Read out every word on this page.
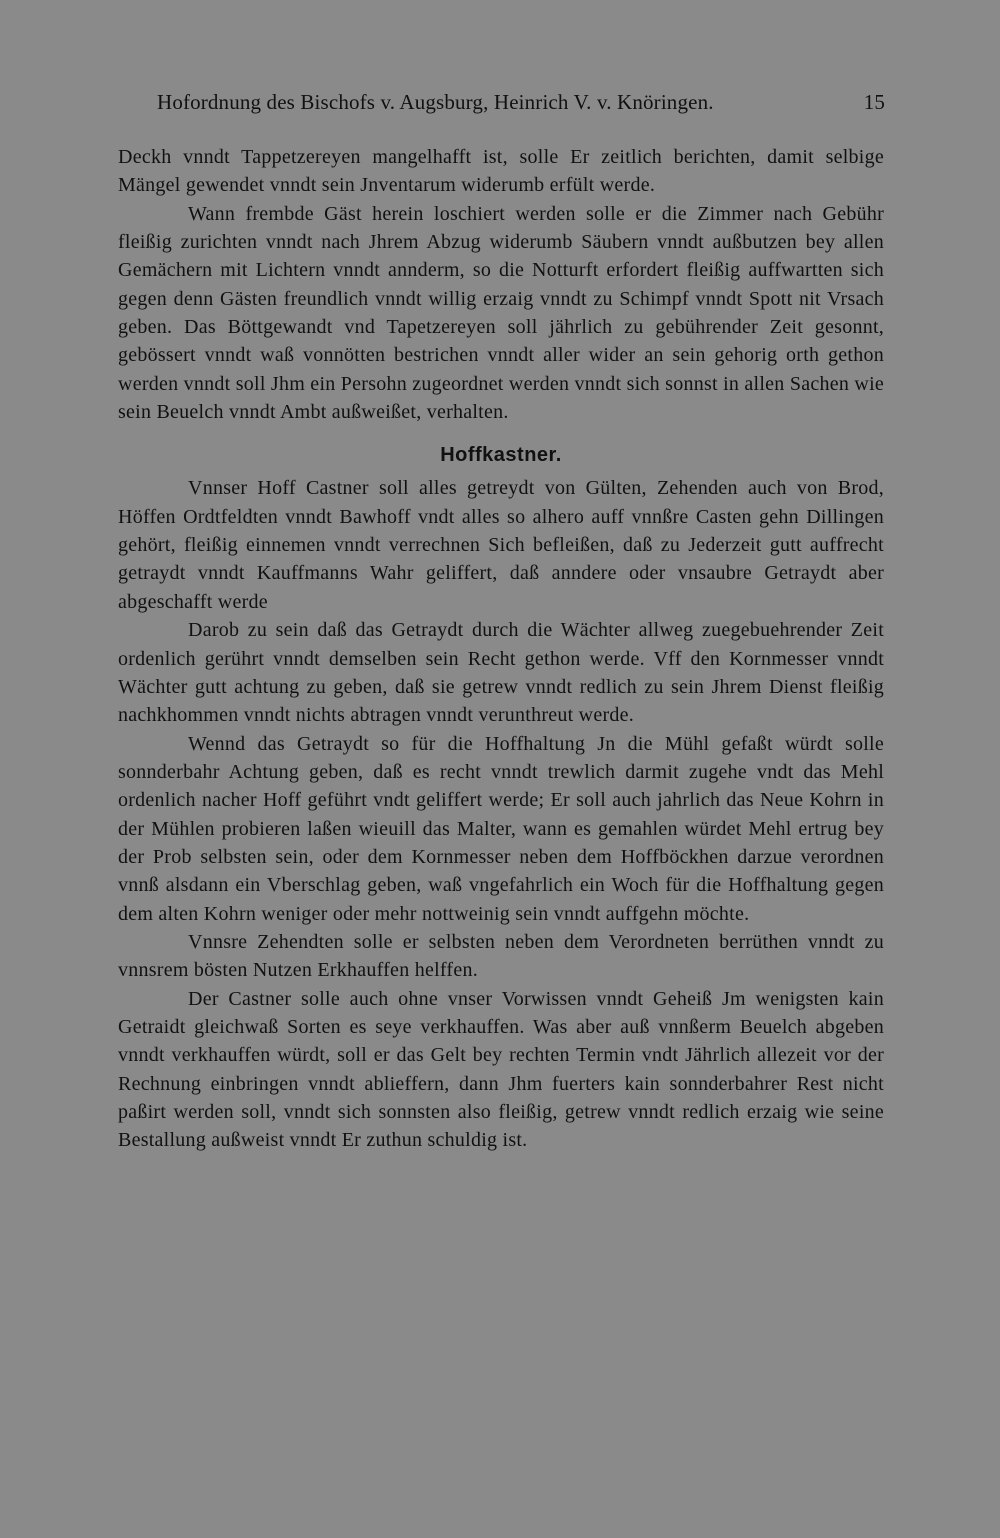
Hofordnung des Bischofs v. Augsburg, Heinrich V. v. Knöringen.	15

Deckh vnndt Tappetzereyen mangelhafft ist, solle Er zeitlich berichten, damit selbige Mängel gewendet vnndt sein Jnventarum widerumb erfült werde.

Wann frembde Gäst herein loschiert werden solle er die Zimmer nach Gebühr fleißig zurichten vnndt nach Jhrem Abzug widerumb Säubern vnndt außbutzen bey allen Gemächern mit Lichtern vnndt annderm, so die Notturft erfordert fleißig auffwartten sich gegen denn Gästen freundlich vnndt willig erzaig vnndt zu Schimpf vnndt Spott nit Vrsach geben. Das Böttgewandt vnd Tapetzereyen soll jährlich zu gebührender Zeit gesonnt, gebössert vnndt waß vonnötten bestrichen vnndt aller wider an sein gehorig orth gethon werden vnndt soll Jhm ein Persohn zugeordnet werden vnndt sich sonnst in allen Sachen wie sein Beuelch vnndt Ambt außweißet, verhalten.

Hoffkastner.

Vnnser Hoff Castner soll alles getreydt von Gülten, Zehenden auch von Brod, Höffen Ordtfeldten vnndt Bawhoff vndt alles so alhero auff vnnßre Casten gehn Dillingen gehört, fleißig einnemen vnndt verrechnen Sich befleißen, daß zu Jederzeit gutt auffrecht getraydt vnndt Kauffmanns Wahr geliffert, daß anndere oder vnsaubre Getraydt aber abgeschafft werde

Darob zu sein daß das Getraydt durch die Wächter allweg zuegebuehrender Zeit ordenlich gerührt vnndt demselben sein Recht gethon werde. Vff den Kornmesser vnndt Wächter gutt achtung zu geben, daß sie getrew vnndt redlich zu sein Jhrem Dienst fleißig nachkhommen vnndt nichts abtragen vnndt verunthreut werde.

Wennd das Getraydt so für die Hoffhaltung Jn die Mühl gefaßt würdt solle sonnderbahr Achtung geben, daß es recht vnndt trewlich darmit zugehe vndt das Mehl ordenlich nacher Hoff geführt vndt geliffert werde; Er soll auch jahrlich das Neue Kohrn in der Mühlen probieren laßen wieuill das Malter, wann es gemahlen würdet Mehl ertrug bey der Prob selbsten sein, oder dem Kornmesser neben dem Hoffböckhen darzue verordnen vnnß alsdann ein Vberschlag geben, waß vngefahrlich ein Woch für die Hoffhaltung gegen dem alten Kohrn weniger oder mehr nottweinig sein vnndt auffgehn möchte.

Vnnsre Zehendten solle er selbsten neben dem Verordneten berrüthen vnndt zu vnnsrem bösten Nutzen Erkhauffen helffen.

Der Castner solle auch ohne vnser Vorwissen vnndt Geheiß Jm wenigsten kain Getraidt gleichwaß Sorten es seye verkhauffen. Was aber auß vnnßerm Beuelch abgeben vnndt verkhauffen würdt, soll er das Gelt bey rechten Termin vndt Jährlich allezeit vor der Rechnung einbringen vnndt ablieffern, dann Jhm fuerters kain sonnderbahrer Rest nicht paßirt werden soll, vnndt sich sonnsten also fleißig, getrew vnndt redlich erzaig wie seine Bestallung außweist vnndt Er zuthun schuldig ist.
